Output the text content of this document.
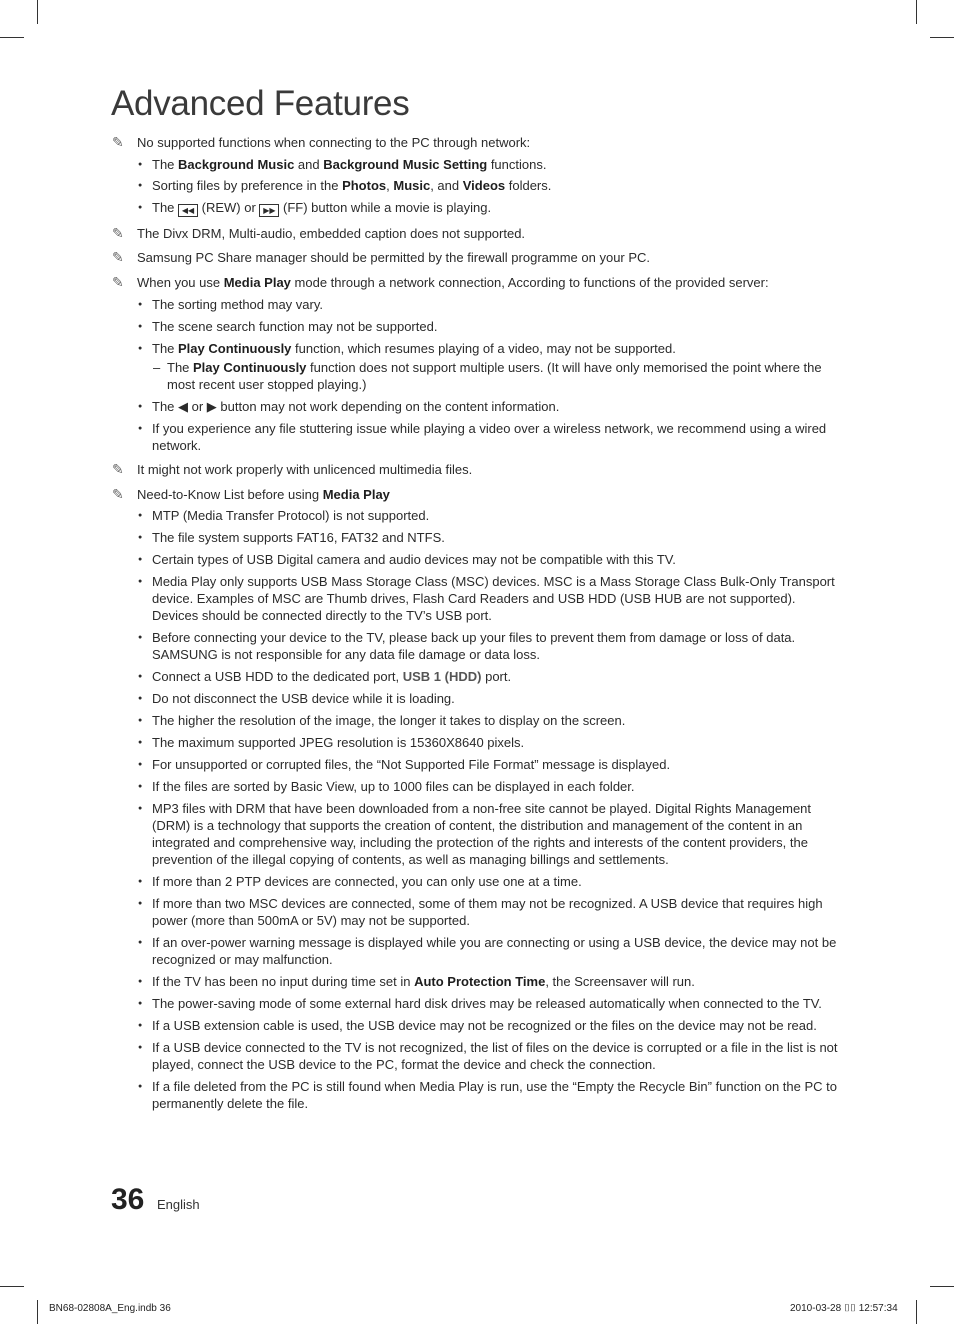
Advanced Features
✎ No supported functions when connecting to the PC through network:
● The Background Music and Background Music Setting functions.
● Sorting files by preference in the Photos, Music, and Videos folders.
● The ◀◀ (REW) or ▶▶ (FF) button while a movie is playing.
✎ The Divx DRM, Multi-audio, embedded caption does not supported.
✎ Samsung PC Share manager should be permitted by the firewall programme on your PC.
✎ When you use Media Play mode through a network connection, According to functions of the provided server:
● The sorting method may vary.
● The scene search function may not be supported.
● The Play Continuously function, which resumes playing of a video, may not be supported.
– The Play Continuously function does not support multiple users. (It will have only memorised the point where the most recent user stopped playing.)
● The ◀ or ▶ button may not work depending on the content information.
● If you experience any file stuttering issue while playing a video over a wireless network, we recommend using a wired network.
✎ It might not work properly with unlicenced multimedia files.
✎ Need-to-Know List before using Media Play
● MTP (Media Transfer Protocol) is not supported.
● The file system supports FAT16, FAT32 and NTFS.
● Certain types of USB Digital camera and audio devices may not be compatible with this TV.
● Media Play only supports USB Mass Storage Class (MSC) devices. MSC is a Mass Storage Class Bulk-Only Transport device. Examples of MSC are Thumb drives, Flash Card Readers and USB HDD (USB HUB are not supported). Devices should be connected directly to the TV’s USB port.
● Before connecting your device to the TV, please back up your files to prevent them from damage or loss of data. SAMSUNG is not responsible for any data file damage or data loss.
● Connect a USB HDD to the dedicated port, USB 1 (HDD) port.
● Do not disconnect the USB device while it is loading.
● The higher the resolution of the image, the longer it takes to display on the screen.
● The maximum supported JPEG resolution is 15360X8640 pixels.
● For unsupported or corrupted files, the “Not Supported File Format” message is displayed.
● If the files are sorted by Basic View, up to 1000 files can be displayed in each folder.
● MP3 files with DRM that have been downloaded from a non-free site cannot be played. Digital Rights Management (DRM) is a technology that supports the creation of content, the distribution and management of the content in an integrated and comprehensive way, including the protection of the rights and interests of the content providers, the prevention of the illegal copying of contents, as well as managing billings and settlements.
● If more than 2 PTP devices are connected, you can only use one at a time.
● If more than two MSC devices are connected, some of them may not be recognized. A USB device that requires high power (more than 500mA or 5V) may not be supported.
● If an over-power warning message is displayed while you are connecting or using a USB device, the device may not be recognized or may malfunction.
● If the TV has been no input during time set in Auto Protection Time, the Screensaver will run.
● The power-saving mode of some external hard disk drives may be released automatically when connected to the TV.
● If a USB extension cable is used, the USB device may not be recognized or the files on the device may not be read.
● If a USB device connected to the TV is not recognized, the list of files on the device is corrupted or a file in the list is not played, connect the USB device to the PC, format the device and check the connection.
● If a file deleted from the PC is still found when Media Play is run, use the “Empty the Recycle Bin” function on the PC to permanently delete the file.
36 English
BN68-02808A_Eng.indb 36	2010-03-28 ⌷⌷ 12:57:34
